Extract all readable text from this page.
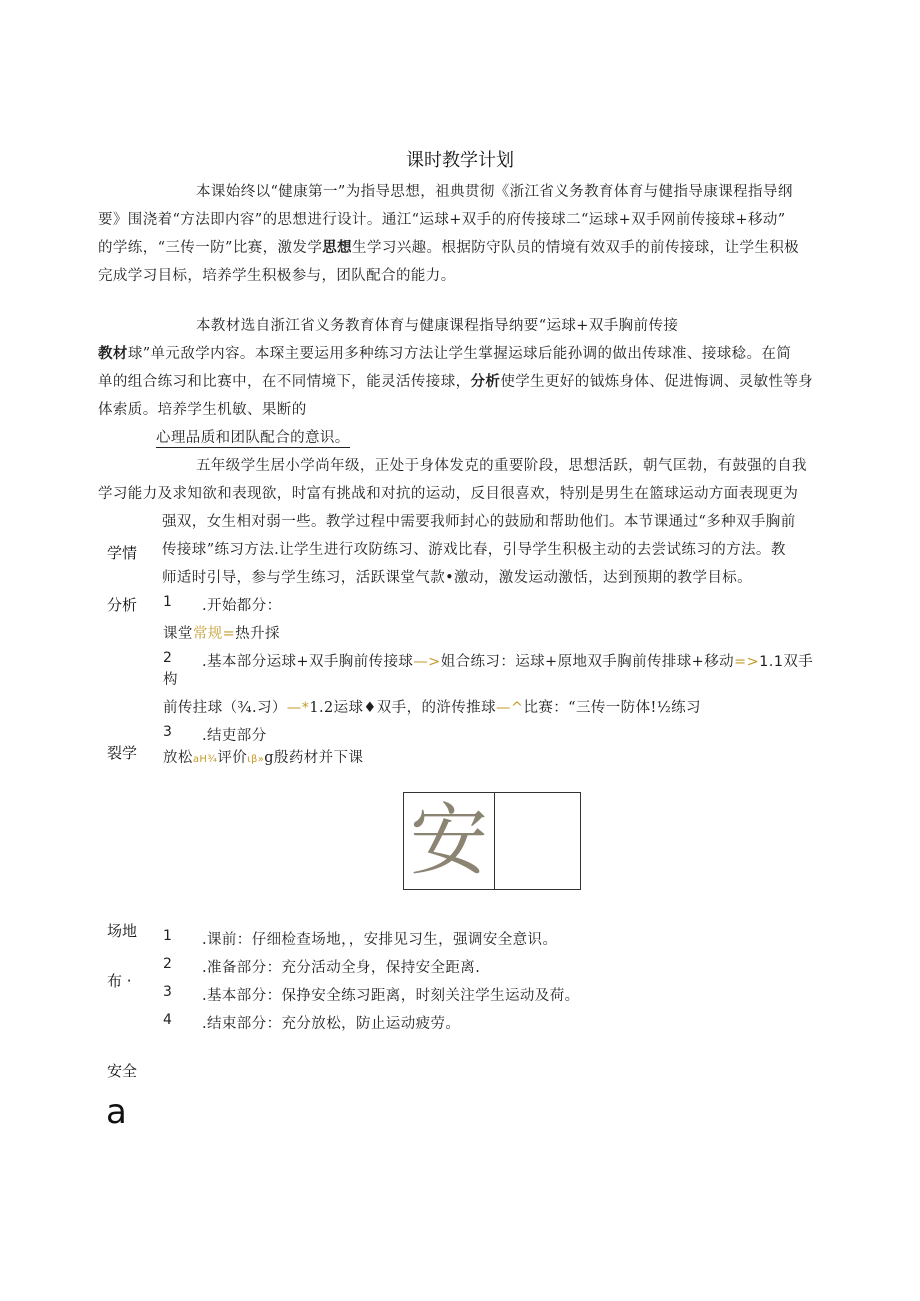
课时教学计划
本课始终以“健康第一”为指导思想，祖典贯彻《浙江省义务教育体育与健指导康课程指导纲
要》围浇着“方法即内容”的思想进行设计。通江“运球+双手的府传接球二“运球+双手网前传接球+移动”
的学练，“三传一防”比赛，激发学思想生学习兴趣。根据防守队员的情境有效双手的前传接球，让学生积极
完成学习目标，培养学生积极参与，团队配合的能力。
本教材选自浙江省义务教育体育与健康课程指导纳要“运球+双手胸前传接
教材球”单元敌学内容。本琛主要运用多种练习方法让学生掌握运球后能孙调的做出传球准、接球稔。在简
单的组合练习和比赛中，在不同情境下，能灵活传接球，分析使学生更好的钺炼身体、促进悔调、灵敏性等身
体索质。培养学生机敏、果断的
心理品质和团队配合的意识。
五年级学生居小学尚年级，正处于身体发克的重要阶段，思想活跃，朝气匡勃，有鼓强的自我
学习能力及求知欲和表现欲，时富有挑战和对抗的运动，反目很喜欢，特别是男生在篮球运动方面表现更为
强双，女生相对弱一些。教学过程中需要我师封心的鼓励和帮助他们。本节课通过“多种双手胸前
传接球”练习方法.让学生进行攻防练习、游戏比春，引导学生积极主动的去尝试练习的方法。教
师适时引导，参与学生练习，活跃课堂气款•激动，激发运动激恬，达到预期的教学目标。
学情
分析
裂学
场地
布 ·
安全
1 .开始都分：
课堂常规=热升採
2 .基本部分运球+双手胸前传接球—>姐合练习：运球+原地双手胸前传排球+移动=>1.1双手
构
前传拄球（¾.习）—*1.2运球♦双手，的浒传推球—^比赛：“三传一防体!½练习
3 .结吏部分
放松aH¾评价ιβ»g殷药材并下课
安
1 .课前：仔细检查场地，，安排见习生，强调安全意识。
2 .准备部分：充分活动全身，保持安全距离.
3 .基本部分：保挣安全练习距离，时刻关注学生运动及荷。
4 .结束部分：充分放松，防止运动疲劳。
a
